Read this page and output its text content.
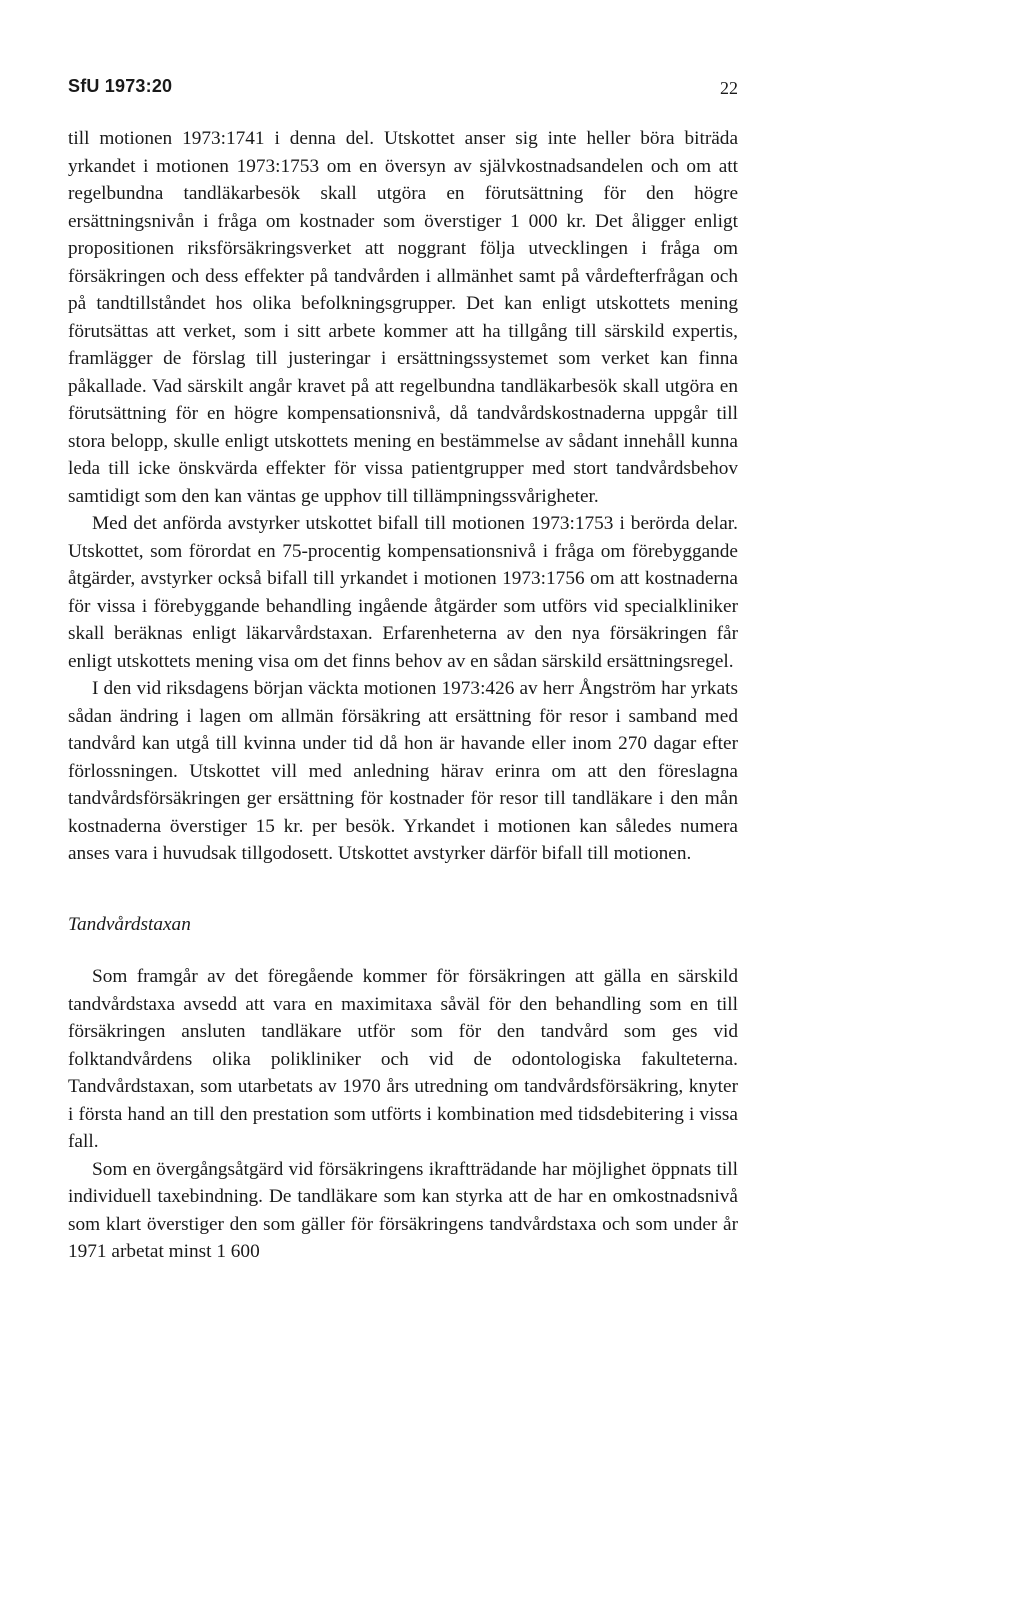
SfU 1973:20	22

till motionen 1973:1741 i denna del. Utskottet anser sig inte heller böra biträda yrkandet i motionen 1973:1753 om en översyn av självkostnadsandelen och om att regelbundna tandläkarbesök skall utgöra en förutsättning för den högre ersättningsnivån i fråga om kostnader som överstiger 1 000 kr. Det åligger enligt propositionen riksförsäkringsverket att noggrant följa utvecklingen i fråga om försäkringen och dess effekter på tandvården i allmänhet samt på vårdefterfrågan och på tandtillståndet hos olika befolkningsgrupper. Det kan enligt utskottets mening förutsättas att verket, som i sitt arbete kommer att ha tillgång till särskild expertis, framlägger de förslag till justeringar i ersättningssystemet som verket kan finna påkallade. Vad särskilt angår kravet på att regelbundna tandläkarbesök skall utgöra en förutsättning för en högre kompensationsnivå, då tandvårdskostnaderna uppgår till stora belopp, skulle enligt utskottets mening en bestämmelse av sådant innehåll kunna leda till icke önskvärda effekter för vissa patientgrupper med stort tandvårdsbehov samtidigt som den kan väntas ge upphov till tillämpningssvårigheter.

Med det anförda avstyrker utskottet bifall till motionen 1973:1753 i berörda delar. Utskottet, som förordat en 75-procentig kompensationsnivå i fråga om förebyggande åtgärder, avstyrker också bifall till yrkandet i motionen 1973:1756 om att kostnaderna för vissa i förebyggande behandling ingående åtgärder som utförs vid specialkliniker skall beräknas enligt läkarvårdstaxan. Erfarenheterna av den nya försäkringen får enligt utskottets mening visa om det finns behov av en sådan särskild ersättningsregel.

I den vid riksdagens början väckta motionen 1973:426 av herr Ångström har yrkats sådan ändring i lagen om allmän försäkring att ersättning för resor i samband med tandvård kan utgå till kvinna under tid då hon är havande eller inom 270 dagar efter förlossningen. Utskottet vill med anledning härav erinra om att den föreslagna tandvårdsförsäkringen ger ersättning för kostnader för resor till tandläkare i den mån kostnaderna överstiger 15 kr. per besök. Yrkandet i motionen kan således numera anses vara i huvudsak tillgodosett. Utskottet avstyrker därför bifall till motionen.

Tandvårdstaxan

Som framgår av det föregående kommer för försäkringen att gälla en särskild tandvårdstaxa avsedd att vara en maximitaxa såväl för den behandling som en till försäkringen ansluten tandläkare utför som för den tandvård som ges vid folktandvårdens olika polikliniker och vid de odontologiska fakulteterna. Tandvårdstaxan, som utarbetats av 1970 års utredning om tandvårdsförsäkring, knyter i första hand an till den prestation som utförts i kombination med tidsdebitering i vissa fall.

Som en övergångsåtgärd vid försäkringens ikraftträdande har möjlighet öppnats till individuell taxebindning. De tandläkare som kan styrka att de har en omkostnadsnivå som klart överstiger den som gäller för försäkringens tandvårdstaxa och som under år 1971 arbetat minst 1 600
